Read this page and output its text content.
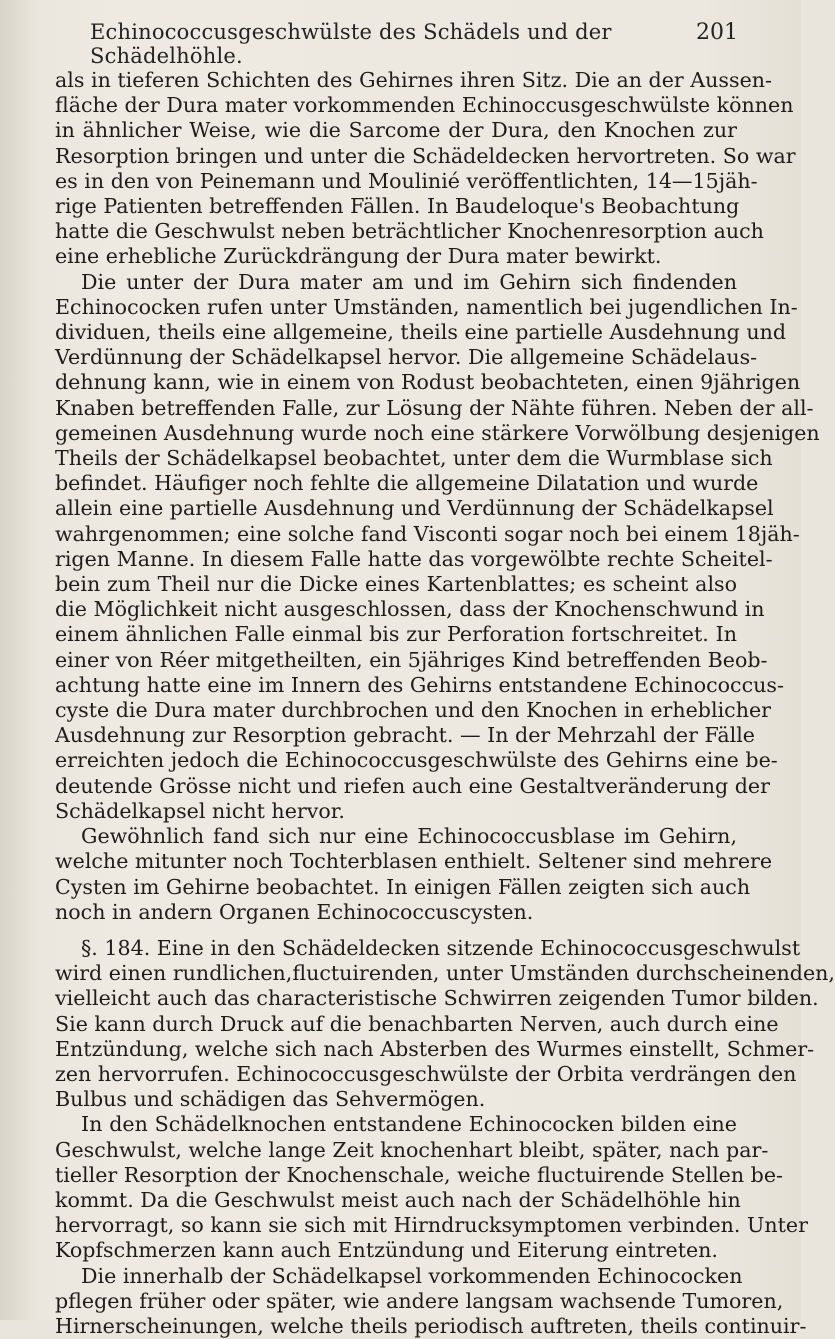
Echinococcusgeschwülste des Schädels und der Schädelhöhle.
201

als in tieferen Schichten des Gehirnes ihren Sitz. Die an der Aussen-
fläche der Dura mater vorkommenden Echinoccusgeschwülste können
in ähnlicher Weise, wie die Sarcome der Dura, den Knochen zur
Resorption bringen und unter die Schädeldecken hervortreten. So war
es in den von Peinemann und Moulinié veröffentlichten, 14—15jäh-
rige Patienten betreffenden Fällen. In Baudeloque's Beobachtung
hatte die Geschwulst neben beträchtlicher Knochenresorption auch
eine erhebliche Zurückdrängung der Dura mater bewirkt.

Die unter der Dura mater am und im Gehirn sich findenden
Echinococken rufen unter Umständen, namentlich bei jugendlichen In-
dividuen, theils eine allgemeine, theils eine partielle Ausdehnung und
Verdünnung der Schädelkapsel hervor. Die allgemeine Schädelaus-
dehnung kann, wie in einem von Rodust beobachteten, einen 9jährigen
Knaben betreffenden Falle, zur Lösung der Nähte führen. Neben der all-
gemeinen Ausdehnung wurde noch eine stärkere Vorwölbung desjenigen
Theils der Schädelkapsel beobachtet, unter dem die Wurmblase sich
befindet. Häufiger noch fehlte die allgemeine Dilatation und wurde
allein eine partielle Ausdehnung und Verdünnung der Schädelkapsel
wahrgenommen; eine solche fand Visconti sogar noch bei einem 18jäh-
rigen Manne. In diesem Falle hatte das vorgewölbte rechte Scheitel-
bein zum Theil nur die Dicke eines Kartenblattes; es scheint also
die Möglichkeit nicht ausgeschlossen, dass der Knochenschwund in
einem ähnlichen Falle einmal bis zur Perforation fortschreitet. In
einer von Réer mitgetheilten, ein 5jähriges Kind betreffenden Beob-
achtung hatte eine im Innern des Gehirns entstandene Echinococcus-
cyste die Dura mater durchbrochen und den Knochen in erheblicher
Ausdehnung zur Resorption gebracht. — In der Mehrzahl der Fälle
erreichten jedoch die Echinococcusgeschwülste des Gehirns eine be-
deutende Grösse nicht und riefen auch eine Gestaltveränderung der
Schädelkapsel nicht hervor.

Gewöhnlich fand sich nur eine Echinococcusblase im Gehirn,
welche mitunter noch Tochterblasen enthielt. Seltener sind mehrere
Cysten im Gehirne beobachtet. In einigen Fällen zeigten sich auch
noch in andern Organen Echinococcuscysten.

§. 184. Eine in den Schädeldecken sitzende Echinococcusgeschwulst
wird einen rundlichen,fluctuirenden, unter Umständen durchscheinenden,
vielleicht auch das characteristische Schwirren zeigenden Tumor bilden.
Sie kann durch Druck auf die benachbarten Nerven, auch durch eine
Entzündung, welche sich nach Absterben des Wurmes einstellt, Schmer-
zen hervorrufen. Echinococcusgeschwülste der Orbita verdrängen den
Bulbus und schädigen das Sehvermögen.

In den Schädelknochen entstandene Echinococken bilden eine
Geschwulst, welche lange Zeit knochenhart bleibt, später, nach par-
tieller Resorption der Knochenschale, weiche fluctuirende Stellen be-
kommt. Da die Geschwulst meist auch nach der Schädelhöhle hin
hervorragt, so kann sie sich mit Hirndrucksymptomen verbinden. Unter
Kopfschmerzen kann auch Entzündung und Eiterung eintreten.

Die innerhalb der Schädelkapsel vorkommenden Echinococken
pflegen früher oder später, wie andere langsam wachsende Tumoren,
Hirnerscheinungen, welche theils periodisch auftreten, theils continuir-
